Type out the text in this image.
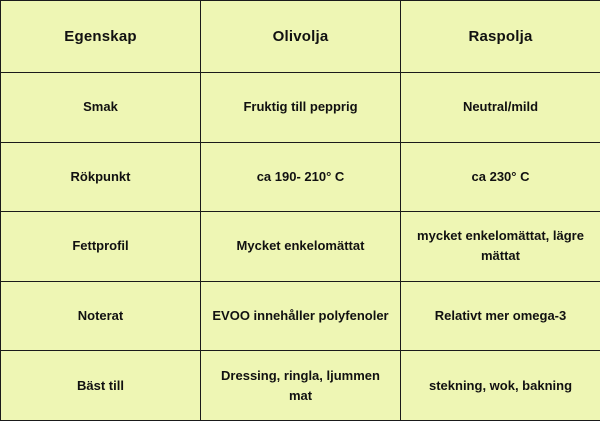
Egenskap	Olivolja	Raspolja
Smak	Fruktig till pepprig	Neutral/mild
Rökpunkt	ca 190- 210° C	ca 230° C
Fettprofil	Mycket enkelomättat	mycket enkelomättat, lägre mättat
Noterat	EVOO innehåller polyfenoler	Relativt mer omega-3
Bäst till	Dressing, ringla, ljummen mat	stekning, wok, bakning
